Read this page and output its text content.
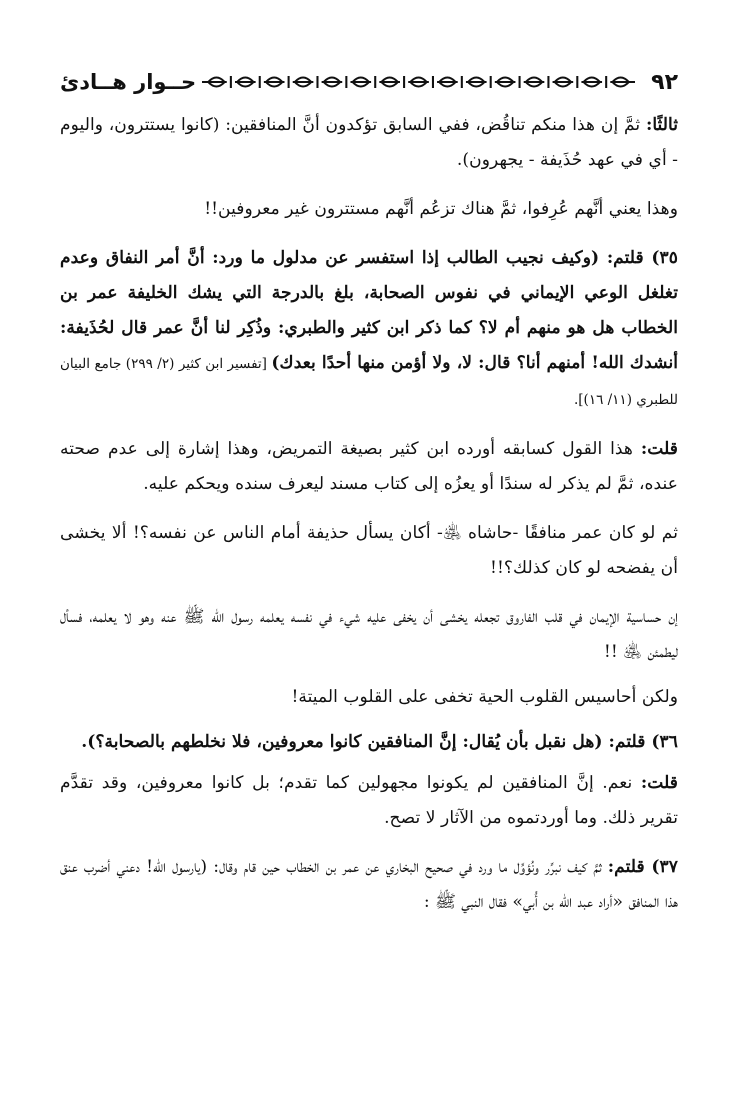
٩٢
حــوار هــادئ

ثالثًا: ثمَّ إن هذا منكم تناقُض، ففي السابق تؤكدون أنَّ المنافقين: (كانوا يستترون، واليوم - أي في عهد حُذَيفة - يجهرون).

وهذا يعني أنَّهم عُرِفوا، ثمَّ هناك تزعُم أنَّهم مستترون غير معروفين!!

٣٥) قلتم: (وكيف نجيب الطالب إذا استفسر عن مدلول ما ورد: أنَّ أمر النفاق وعدم تغلغل الوعي الإيماني في نفوس الصحابة، بلغ بالدرجة التي يشك الخليفة عمر بن الخطاب هل هو منهم أم لا؟ كما ذكر ابن كثير والطبري: وذُكِر لنا أنَّ عمر قال لحُذَيفة: أنشدك الله! أمنهم أنا؟ قال: لا، ولا أؤمن منها أحدًا بعدك) [تفسير ابن كثير (٢/ ٢٩٩) جامع البيان للطبري (١١/ ١٦)].

قلت: هذا القول كسابقه أورده ابن كثير بصيغة التمريض، وهذا إشارة إلى عدم صحته عنده، ثمَّ لم يذكر له سندًا أو يعزُه إلى كتاب مسند ليعرف سنده ويحكم عليه.

ثم لو كان عمر منافقًا -حاشاه ﵁- أكان يسأل حذيفة أمام الناس عن نفسه؟! ألا يخشى أن يفضحه لو كان كذلك؟!!

إن حساسية الإيمان في قلب الفاروق تجعله يخشى أن يخفى عليه شيء في نفسه يعلمه رسول الله ﷺ عنه وهو لا يعلمه، فسأل ليطمئن ﵁ !!

ولكن أحاسيس القلوب الحية تخفى على القلوب الميتة!

٣٦) قلتم: (هل نقبل بأن يُقال: إنَّ المنافقين كانوا معروفين، فلا نخلطهم بالصحابة؟).

قلت: نعم. إنَّ المنافقين لم يكونوا مجهولين كما تقدم؛ بل كانوا معروفين، وقد تقدَّم تقرير ذلك. وما أوردتموه من الآثار لا تصح.

٣٧) قلتم: ثمَّ كيف نبرِّر ونُؤوِّل ما ورد في صحيح البخاري عن عمر بن الخطاب حين قام وقال: (يارسول الله! دعني أضرب عنق هذا المنافق «أراد عبد الله بن أُبي» فقال النبي ﷺ :
